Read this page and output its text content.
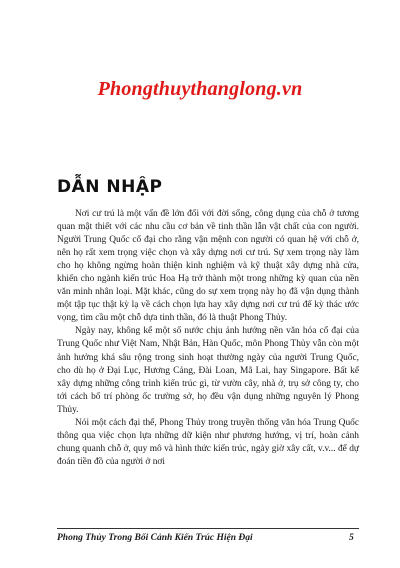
Phongthuythanglong.vn
DẪN NHẬP

Nơi cư trú là một vấn đề lớn đối với đời sống, công dụng của chỗ ở tương quan mật thiết với các nhu cầu cơ bản về tinh thần lẫn vật chất của con người. Người Trung Quốc cổ đại cho rằng vận mệnh con người có quan hệ với chỗ ở, nên họ rất xem trọng việc chọn và xây dựng nơi cư trú. Sự xem trọng này làm cho họ không ngừng hoàn thiện kinh nghiệm và kỹ thuật xây dựng nhà cửa, khiến cho ngành kiến trúc Hoa Hạ trở thành một trong những kỳ quan của nền văn minh nhân loại. Mặt khác, cũng do sự xem trọng này họ đã vận dụng thành một tập tục thật kỳ lạ về cách chọn lựa hay xây dựng nơi cư trú để kỳ thác ước vọng, tìm cầu một chỗ dựa tinh thần, đó là thuật Phong Thủy.

Ngày nay, không kể một số nước chịu ảnh hưởng nền văn hóa cổ đại của Trung Quốc như Việt Nam, Nhật Bản, Hàn Quốc, môn Phong Thủy vẫn còn một ảnh hưởng khá sâu rộng trong sinh hoạt thường ngày của người Trung Quốc, cho dù họ ở Đại Lục, Hương Cảng, Đài Loan, Mã Lai, hay Singapore. Bất kể xây dựng những công trình kiến trúc gì, từ vườn cây, nhà ở, trụ sở công ty, cho tới cách bố trí phòng ốc trường sở, họ đều vận dụng những nguyên lý Phong Thủy.

Nói một cách đại thể, Phong Thủy trong truyền thống văn hóa Trung Quốc thông qua việc chọn lựa những dữ kiện như phương hướng, vị trí, hoàn cảnh chung quanh chỗ ở, quy mô và hình thức kiến trúc, ngày giờ xây cất, v.v... để dự đoán tiền đồ của người ở nơi

Phong Thủy Trong Bối Cảnh Kiến Trúc Hiện Đại	5
